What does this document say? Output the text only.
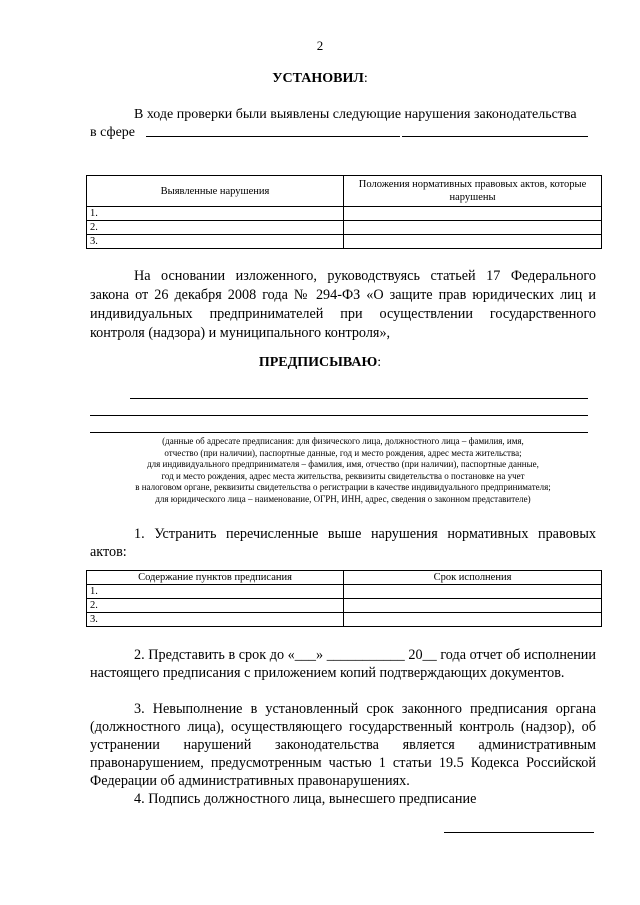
2
УСТАНОВИЛ:
В ходе проверки были выявлены следующие нарушения законодательства
в сфере
Выявленные нарушения	Положения нормативных правовых актов, которые нарушены
1.	
2.	
3.	
На основании изложенного, руководствуясь статьей 17 Федерального закона от 26 декабря 2008 года № 294-ФЗ «О защите прав юридических лиц и индивидуальных предпринимателей при осуществлении государственного контроля (надзора) и муниципального контроля»,
ПРЕДПИСЫВАЮ:
(данные об адресате предписания: для физического лица, должностного лица – фамилия, имя,
отчество (при наличии), паспортные данные, год и место рождения, адрес места жительства;
для индивидуального предпринимателя – фамилия, имя, отчество (при наличии), паспортные данные,
год и место рождения, адрес места жительства, реквизиты свидетельства о постановке на учет
в налоговом органе, реквизиты свидетельства о регистрации в качестве индивидуального предпринимателя;
для юридического лица – наименование, ОГРН, ИНН, адрес, сведения о законном представителе)
1. Устранить перечисленные выше нарушения нормативных правовых актов:
Содержание пунктов предписания	Срок исполнения
1.	
2.	
3.	
2. Представить в срок до «___» ___________ 20__ года отчет об исполнении настоящего предписания с приложением копий подтверждающих документов.
3. Невыполнение в установленный срок законного предписания органа (должностного лица), осуществляющего государственный контроль (надзор), об устранении нарушений законодательства является административным правонарушением, предусмотренным частью 1 статьи 19.5 Кодекса Российской Федерации об административных правонарушениях.
4. Подпись должностного лица, вынесшего предписание
